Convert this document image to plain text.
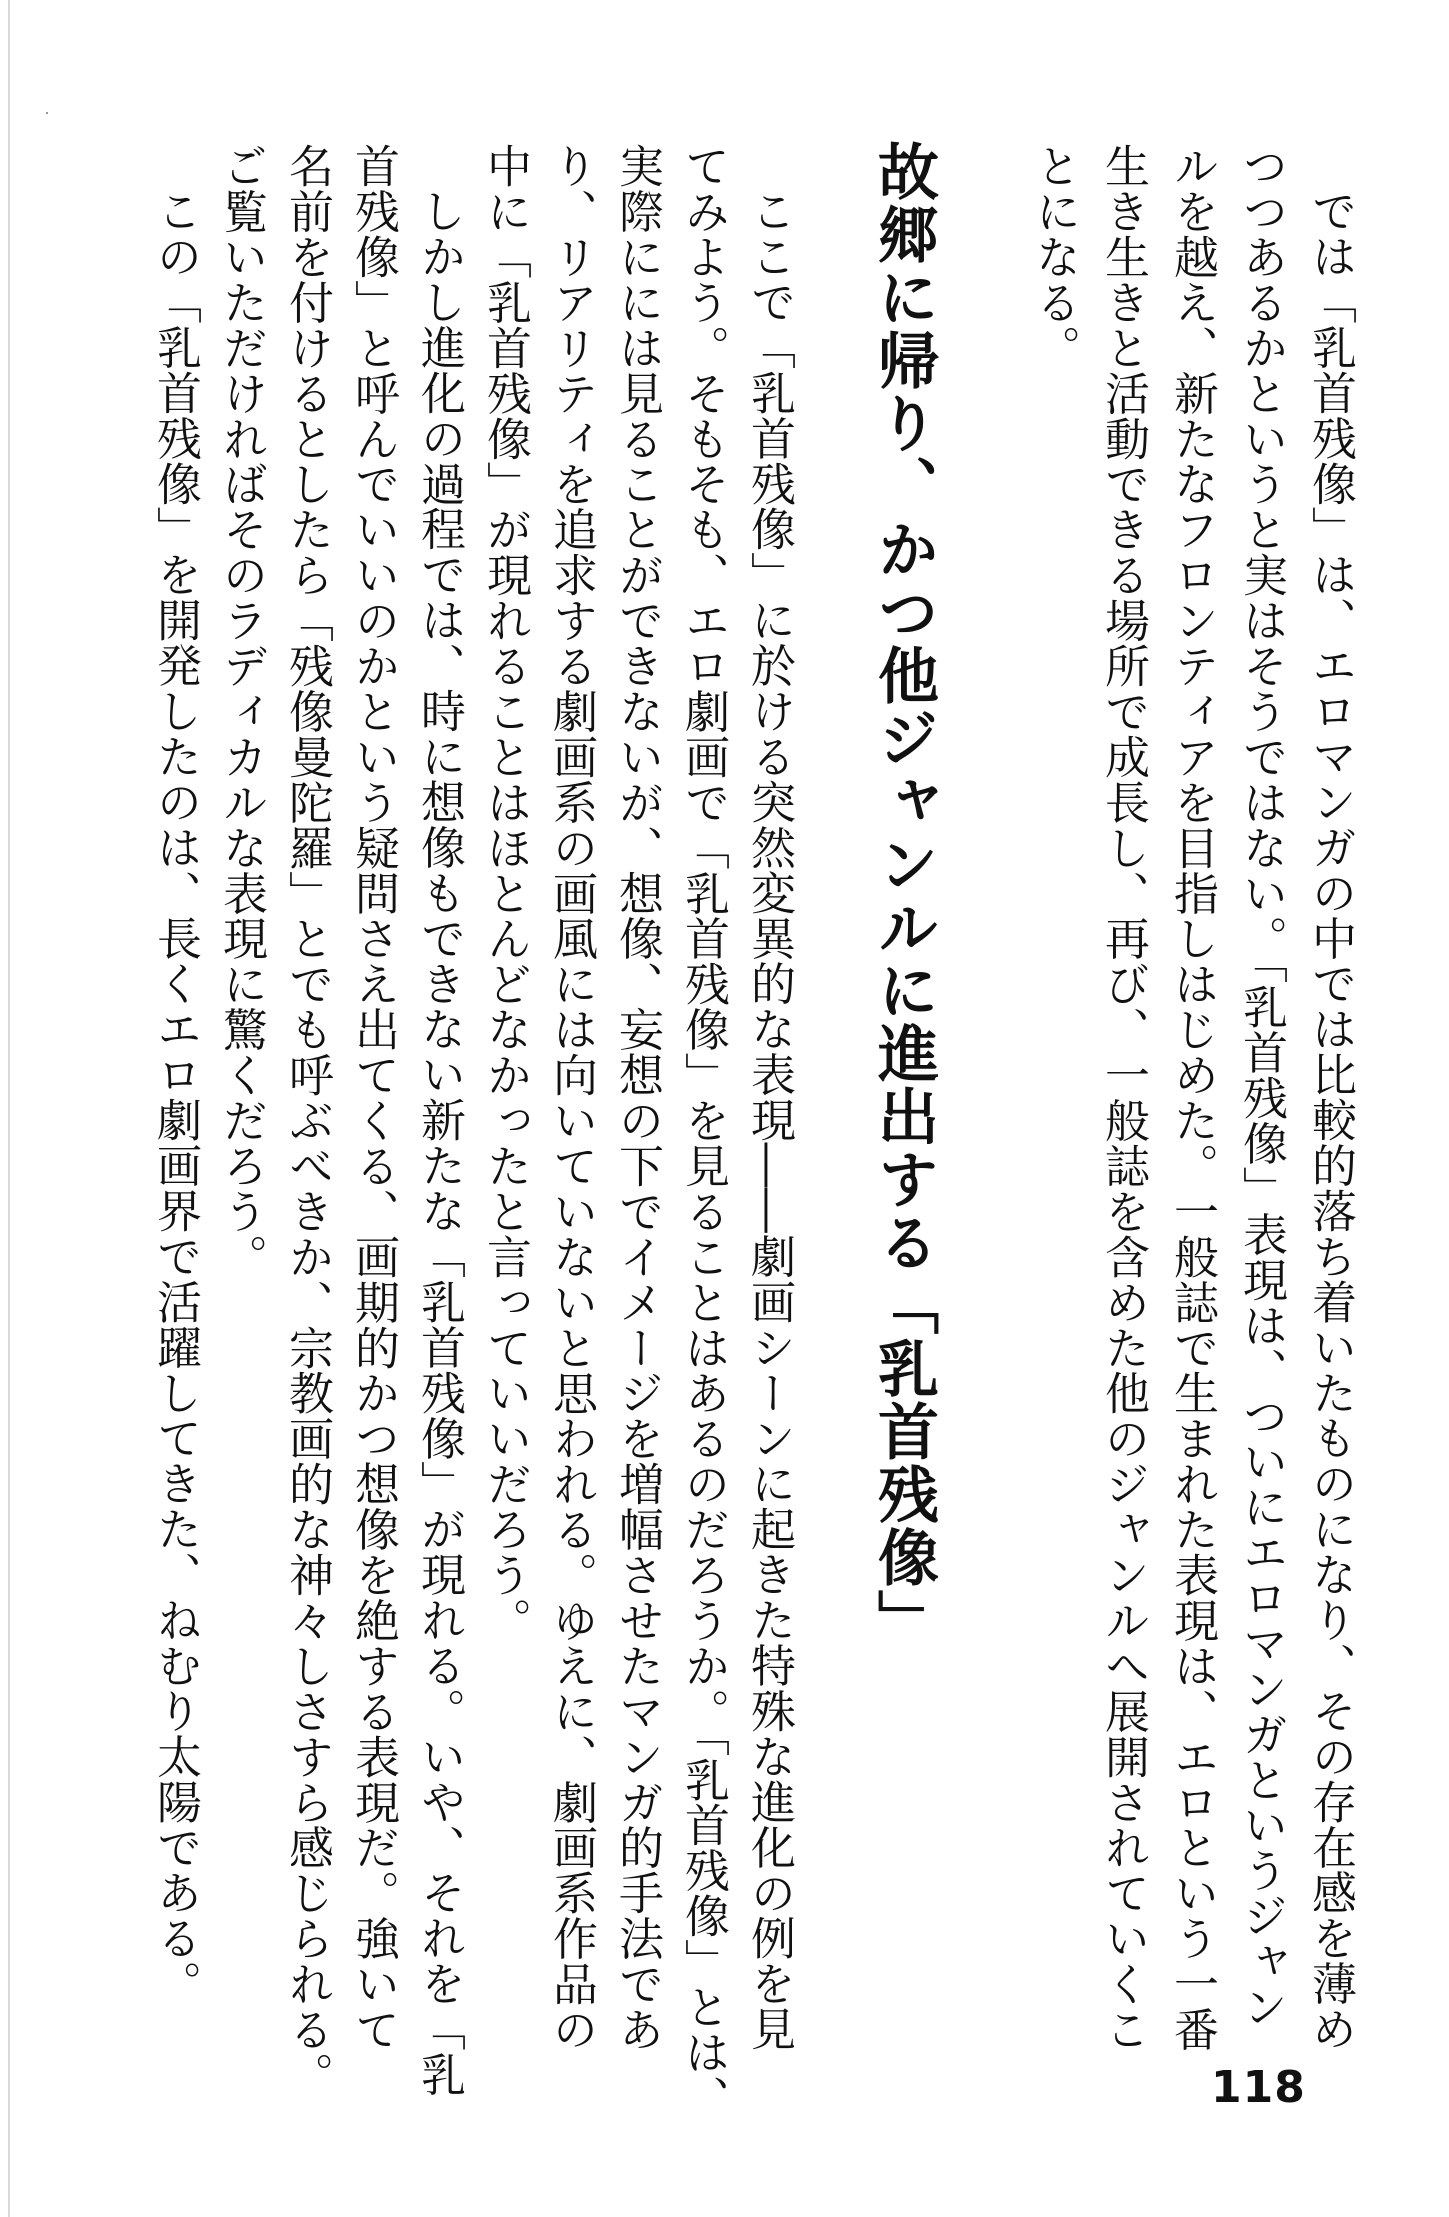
では「乳首残像」は、エロマンガの中では比較的落ち着いたものになり、その存在感を薄め
つつあるかというと実はそうではない。「乳首残像」表現は、ついにエロマンガというジャン
ルを越え、新たなフロンティアを目指しはじめた。一般誌で生まれた表現は、エロという一番
生き生きと活動できる場所で成長し、再び、一般誌を含めた他のジャンルへ展開されていくこ
とになる。
故郷に帰り、かつ他ジャンルに進出する「乳首残像」
ここで「乳首残像」に於ける突然変異的な表現――劇画シーンに起きた特殊な進化の例を見
てみよう。そもそも、エロ劇画で「乳首残像」を見ることはあるのだろうか。「乳首残像」とは、
実際にには見ることができないが、想像、妄想の下でイメージを増幅させたマンガ的手法であ
り、リアリティを追求する劇画系の画風には向いていないと思われる。ゆえに、劇画系作品の
中に「乳首残像」が現れることはほとんどなかったと言っていいだろう。
しかし進化の過程では、時に想像もできない新たな「乳首残像」が現れる。いや、それを「乳
首残像」と呼んでいいのかという疑問さえ出てくる、画期的かつ想像を絶する表現だ。強いて
名前を付けるとしたら「残像曼陀羅」とでも呼ぶべきか、宗教画的な神々しさすら感じられる。
ご覧いただければそのラディカルな表現に驚くだろう。
この「乳首残像」を開発したのは、長くエロ劇画界で活躍してきた、ねむり太陽である。
118
